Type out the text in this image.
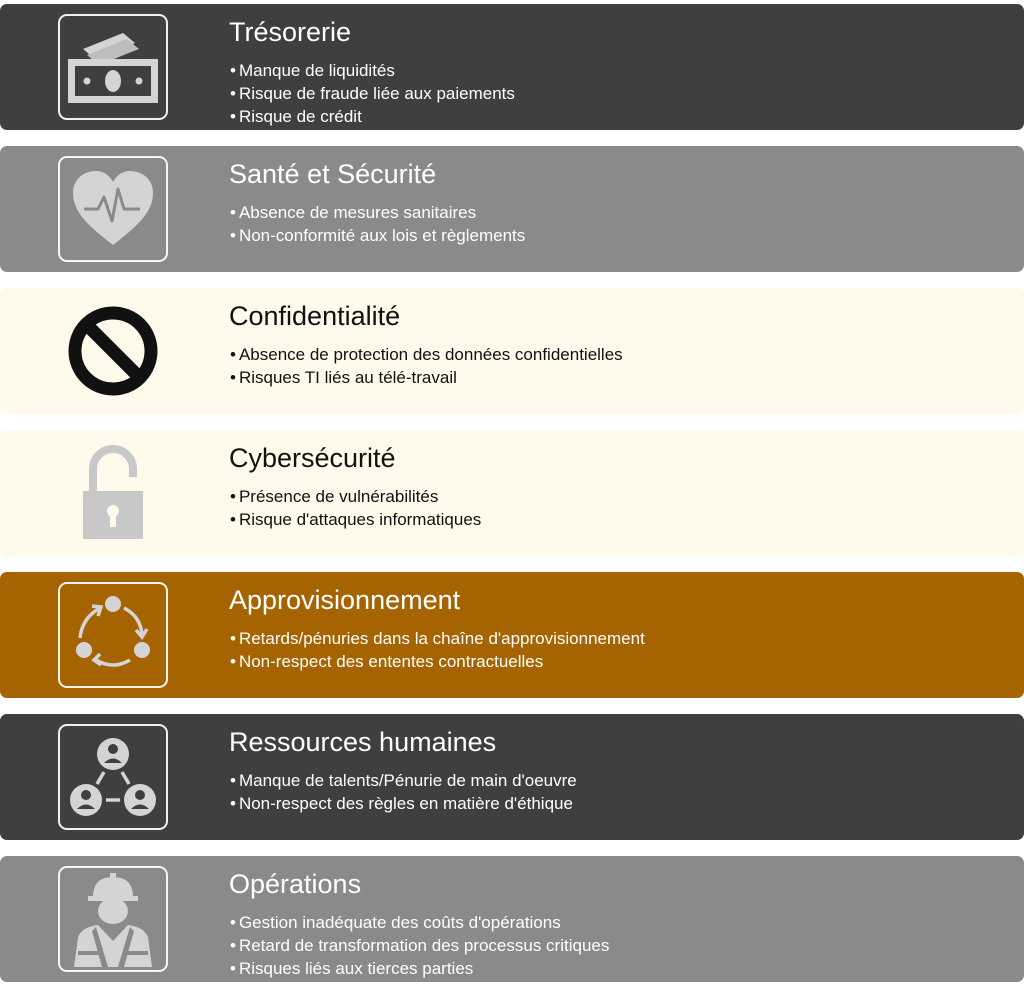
Trésorerie
• Manque de liquidités
• Risque de fraude liée aux paiements
• Risque de crédit
Santé et Sécurité
• Absence de mesures sanitaires
• Non-conformité aux lois et règlements
Confidentialité
• Absence de protection des données confidentielles
• Risques TI liés au télé-travail
Cybersécurité
• Présence de vulnérabilités
• Risque d'attaques informatiques
Approvisionnement
• Retards/pénuries dans la chaîne d'approvisionnement
• Non-respect des ententes contractuelles
Ressources humaines
• Manque de talents/Pénurie de main d'oeuvre
• Non-respect des règles en matière d'éthique
Opérations
• Gestion inadéquate des coûts d'opérations
• Retard de transformation des processus critiques
• Risques liés aux tierces parties
